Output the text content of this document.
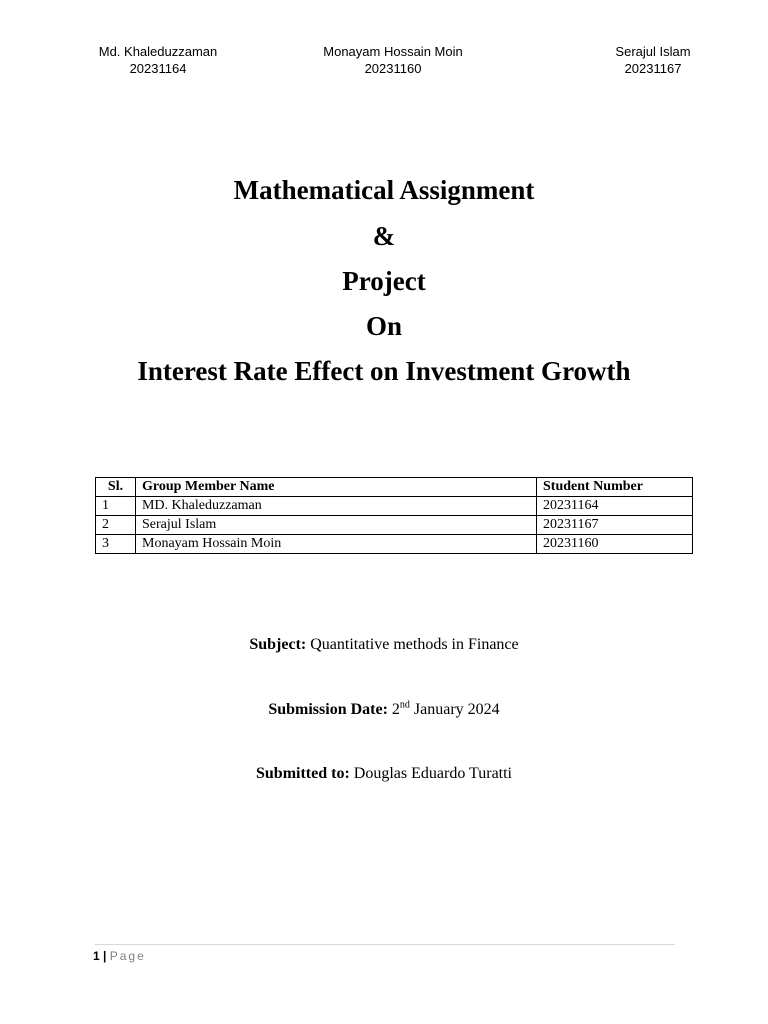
Md. Khaleduzzaman
20231164
Monayam Hossain Moin
20231160
Serajul Islam
20231167
Mathematical Assignment
&
Project
On
Interest Rate Effect on Investment Growth
Sl.	Group Member Name	Student Number
1	MD. Khaleduzzaman	20231164
2	Serajul Islam	20231167
3	Monayam Hossain Moin	20231160
Subject: Quantitative methods in Finance
Submission Date: 2nd January 2024
Submitted to: Douglas Eduardo Turatti
1 | Page
